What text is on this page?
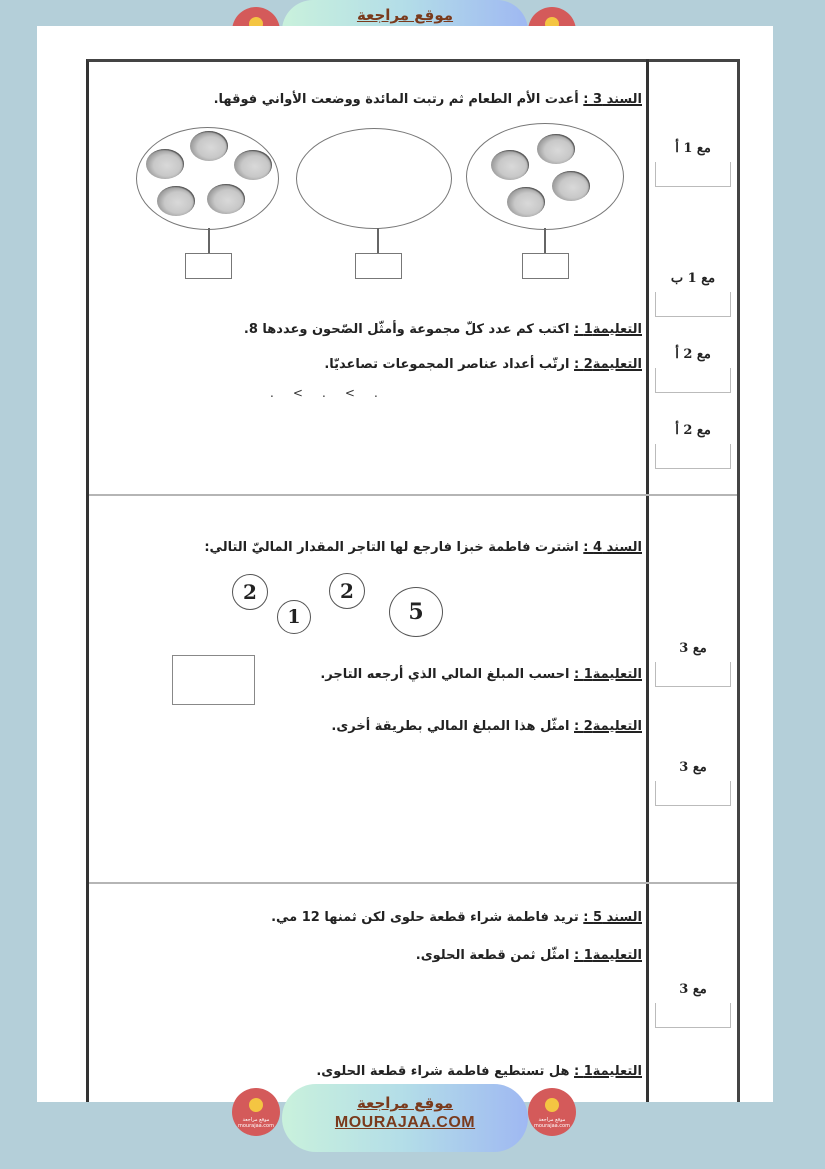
موقع مراجعة
السند 3 : أعدت الأم الطعام ثم رتبت المائدة ووضعت الأواني فوقها.
التعليمة1 : اكتب كم عدد كلّ مجموعة وأمثّل الصّحون وعددها 8.
التعليمة2 : ارتّب أعداد عناصر المجموعات تصاعديّا.
.     <     .     <     .
السند 4 : اشترت فاطمة خبزا فارجع لها التاجر المقدار الماليّ التالي:
2
1
2
5
التعليمة1 : احسب المبلغ المالي الذي أرجعه التاجر.
التعليمة2 : امثّل هذا المبلغ المالي بطريقة أخرى.
السند 5 : تريد فاطمة شراء قطعة حلوى لكن ثمنها 12 مي.
التعليمة1 : امثّل ثمن قطعة الحلوى.
التعليمة1 : هل تستطيع فاطمة شراء قطعة الحلوى.
مع 1 أ
مع 1 ب
مع 2 أ
مع 2 أ
مع 3
مع 3
مع 3
موقع مراجعة mourajaa.com
موقع مراجعة
MOURAJAA.COM	موقع مراجعة mourajaa.com
